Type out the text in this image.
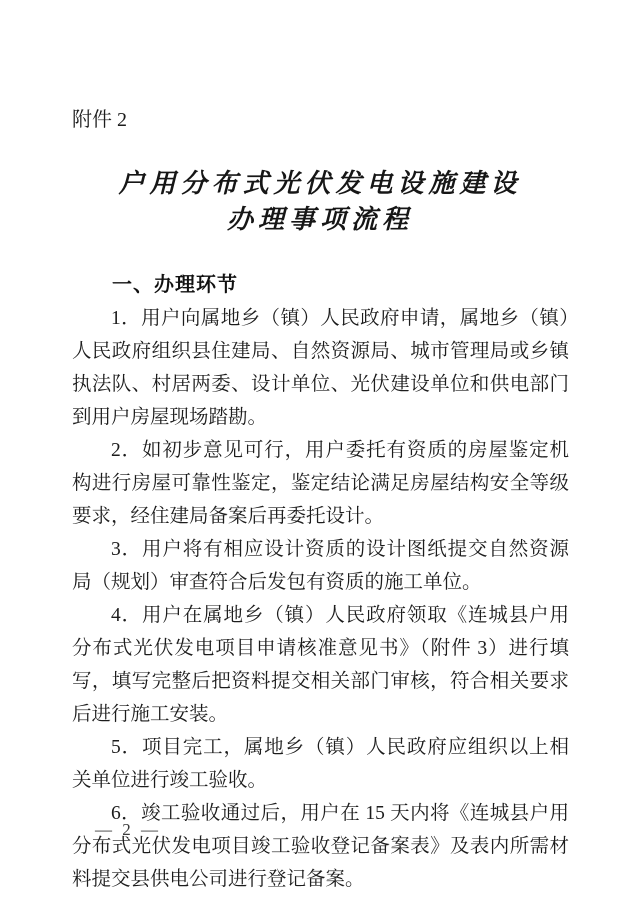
附件 2
户用分布式光伏发电设施建设
办理事项流程
一、办理环节

1．用户向属地乡（镇）人民政府申请，属地乡（镇）人民政府组织县住建局、自然资源局、城市管理局或乡镇执法队、村居两委、设计单位、光伏建设单位和供电部门到用户房屋现场踏勘。

2．如初步意见可行，用户委托有资质的房屋鉴定机构进行房屋可靠性鉴定，鉴定结论满足房屋结构安全等级要求，经住建局备案后再委托设计。

3．用户将有相应设计资质的设计图纸提交自然资源局（规划）审查符合后发包有资质的施工单位。

4．用户在属地乡（镇）人民政府领取《连城县户用分布式光伏发电项目申请核准意见书》（附件 3）进行填写，填写完整后把资料提交相关部门审核，符合相关要求后进行施工安装。

5．项目完工，属地乡（镇）人民政府应组织以上相关单位进行竣工验收。

6．竣工验收通过后，用户在 15 天内将《连城县户用分布式光伏发电项目竣工验收登记备案表》及表内所需材料提交县供电公司进行登记备案。

— 2 —
